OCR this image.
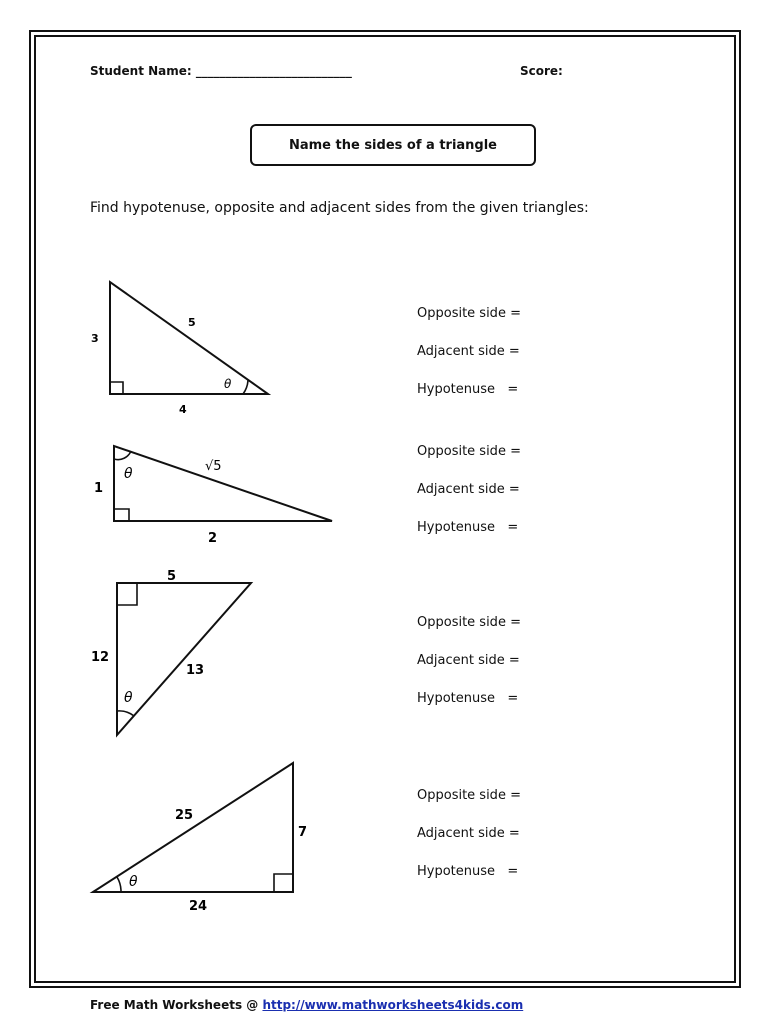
Student Name: __________________________	Score:
Name the sides of a triangle
Find hypotenuse, opposite and adjacent sides from the given triangles:
3
5
4
θ
1
√5
2
θ
5
12
13
θ
25
7
24
θ
Opposite side =
Adjacent side =
Hypotenuse   =
Opposite side =
Adjacent side =
Hypotenuse   =
Opposite side =
Adjacent side =
Hypotenuse   =
Opposite side =
Adjacent side =
Hypotenuse   =
Free Math Worksheets @ http://www.mathworksheets4kids.com
